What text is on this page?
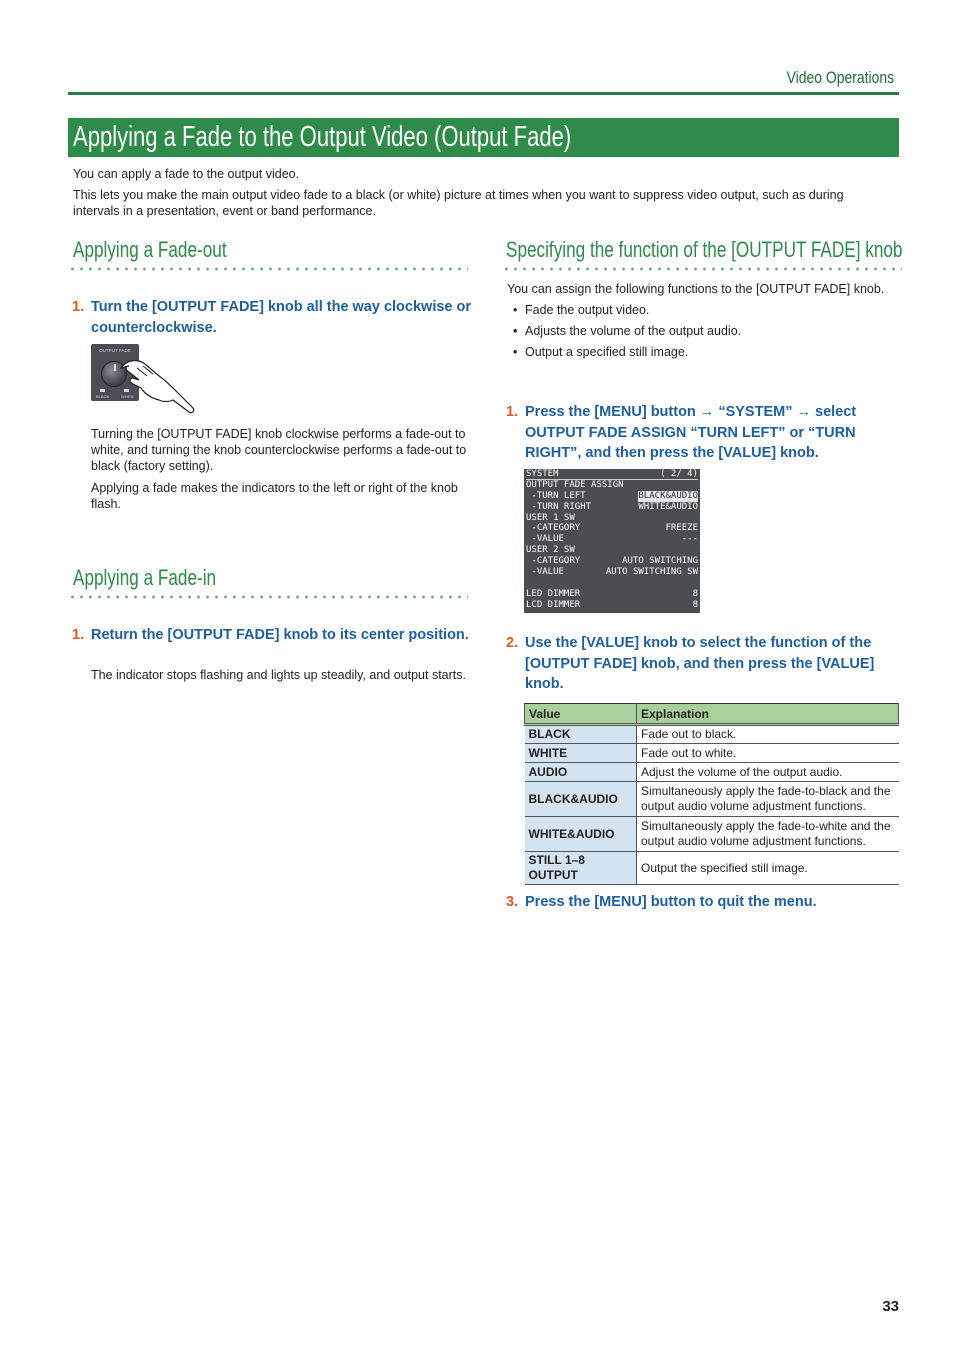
Video Operations
Applying a Fade to the Output Video (Output Fade)
You can apply a fade to the output video.
This lets you make the main output video fade to a black (or white) picture at times when you want to suppress video output, such as during intervals in a presentation, event or band performance.
Applying a Fade-out
1. Turn the [OUTPUT FADE] knob all the way clockwise or counterclockwise.
OUTPUT FADE
BLACK	WHITE
Turning the [OUTPUT FADE] knob clockwise performs a fade-out to white, and turning the knob counterclockwise performs a fade-out to black (factory setting).
Applying a fade makes the indicators to the left or right of the knob flash.
Applying a Fade-in
1. Return the [OUTPUT FADE] knob to its center position.
The indicator stops flashing and lights up steadily, and output starts.
Specifying the function of the [OUTPUT FADE] knob
You can assign the following functions to the [OUTPUT FADE] knob.
• Fade the output video.
• Adjusts the volume of the output audio.
• Output a specified still image.
1. Press the [MENU] button → “SYSTEM” → select OUTPUT FADE ASSIGN “TURN LEFT” or “TURN RIGHT”, and then press the [VALUE] knob.
SYSTEM	( 2/ 4)
OUTPUT FADE ASSIGN
-TURN LEFT	BLACK&AUDIO
-TURN RIGHT	WHITE&AUDIO
USER 1 SW
-CATEGORY	FREEZE
-VALUE	---
USER 2 SW
-CATEGORY	AUTO SWITCHING
-VALUE	AUTO SWITCHING SW
LED DIMMER	8
LCD DIMMER	8
2. Use the [VALUE] knob to select the function of the [OUTPUT FADE] knob, and then press the [VALUE] knob.
Value	Explanation
BLACK	Fade out to black.
WHITE	Fade out to white.
AUDIO	Adjust the volume of the output audio.
BLACK&AUDIO	Simultaneously apply the fade-to-black and the output audio volume adjustment functions.
WHITE&AUDIO	Simultaneously apply the fade-to-white and the output audio volume adjustment functions.
STILL 1–8 OUTPUT	Output the specified still image.
3. Press the [MENU] button to quit the menu.
33
